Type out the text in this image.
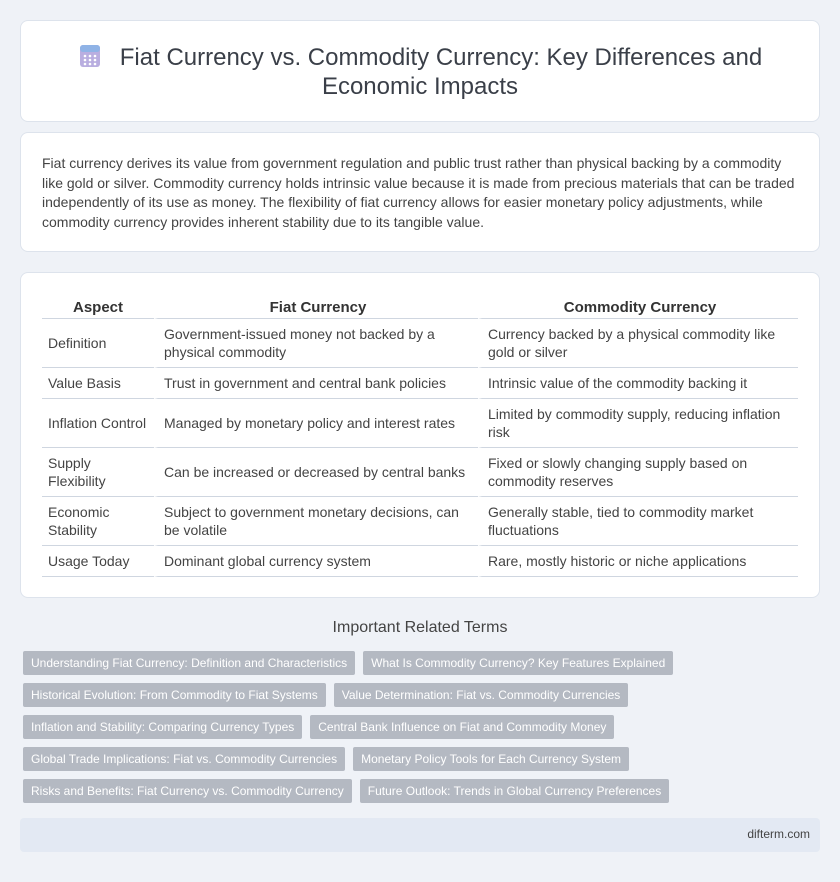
Fiat Currency vs. Commodity Currency: Key Differences and Economic Impacts

Fiat currency derives its value from government regulation and public trust rather than physical backing by a commodity like gold or silver. Commodity currency holds intrinsic value because it is made from precious materials that can be traded independently of its use as money. The flexibility of fiat currency allows for easier monetary policy adjustments, while commodity currency provides inherent stability due to its tangible value.

Aspect	Fiat Currency	Commodity Currency
Definition	Government-issued money not backed by a physical commodity	Currency backed by a physical commodity like gold or silver
Value Basis	Trust in government and central bank policies	Intrinsic value of the commodity backing it
Inflation Control	Managed by monetary policy and interest rates	Limited by commodity supply, reducing inflation risk
Supply Flexibility	Can be increased or decreased by central banks	Fixed or slowly changing supply based on commodity reserves
Economic Stability	Subject to government monetary decisions, can be volatile	Generally stable, tied to commodity market fluctuations
Usage Today	Dominant global currency system	Rare, mostly historic or niche applications
Important Related Terms
Understanding Fiat Currency: Definition and Characteristics	What Is Commodity Currency? Key Features Explained
Historical Evolution: From Commodity to Fiat Systems	Value Determination: Fiat vs. Commodity Currencies
Inflation and Stability: Comparing Currency Types	Central Bank Influence on Fiat and Commodity Money
Global Trade Implications: Fiat vs. Commodity Currencies	Monetary Policy Tools for Each Currency System
Risks and Benefits: Fiat Currency vs. Commodity Currency	Future Outlook: Trends in Global Currency Preferences
difterm.com
